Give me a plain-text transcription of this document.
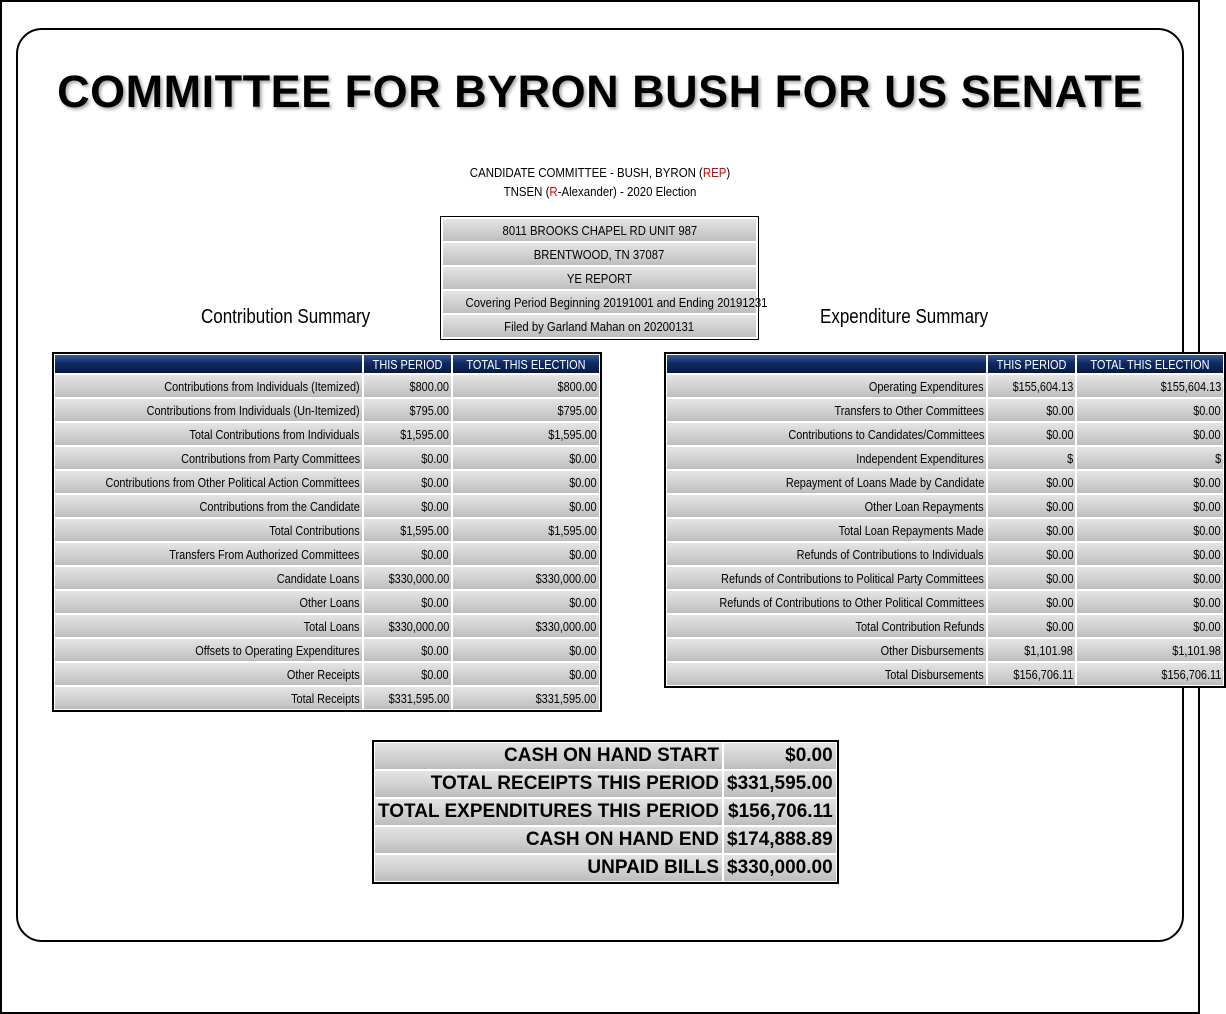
COMMITTEE FOR BYRON BUSH FOR US SENATE
CANDIDATE COMMITTEE - BUSH, BYRON (REP)
TNSEN (R-Alexander) - 2020 Election
8011 BROOKS CHAPEL RD UNIT 987
BRENTWOOD, TN 37087
YE REPORT
Covering Period Beginning 20191001 and Ending 20191231
Filed by Garland Mahan on 20200131
Contribution Summary	Expenditure Summary
	THIS PERIOD	TOTAL THIS ELECTION
Contributions from Individuals (Itemized)	$800.00	$800.00
Contributions from Individuals (Un-Itemized)	$795.00	$795.00
Total Contributions from Individuals	$1,595.00	$1,595.00
Contributions from Party Committees	$0.00	$0.00
Contributions from Other Political Action Committees	$0.00	$0.00
Contributions from the Candidate	$0.00	$0.00
Total Contributions	$1,595.00	$1,595.00
Transfers From Authorized Committees	$0.00	$0.00
Candidate Loans	$330,000.00	$330,000.00
Other Loans	$0.00	$0.00
Total Loans	$330,000.00	$330,000.00
Offsets to Operating Expenditures	$0.00	$0.00
Other Receipts	$0.00	$0.00
Total Receipts	$331,595.00	$331,595.00
	THIS PERIOD	TOTAL THIS ELECTION
Operating Expenditures	$155,604.13	$155,604.13
Transfers to Other Committees	$0.00	$0.00
Contributions to Candidates/Committees	$0.00	$0.00
Independent Expenditures	$	$
Repayment of Loans Made by Candidate	$0.00	$0.00
Other Loan Repayments	$0.00	$0.00
Total Loan Repayments Made	$0.00	$0.00
Refunds of Contributions to Individuals	$0.00	$0.00
Refunds of Contributions to Political Party Committees	$0.00	$0.00
Refunds of Contributions to Other Political Committees	$0.00	$0.00
Total Contribution Refunds	$0.00	$0.00
Other Disbursements	$1,101.98	$1,101.98
Total Disbursements	$156,706.11	$156,706.11
CASH ON HAND START	$0.00
TOTAL RECEIPTS THIS PERIOD	$331,595.00
TOTAL EXPENDITURES THIS PERIOD	$156,706.11
CASH ON HAND END	$174,888.89
UNPAID BILLS	$330,000.00
